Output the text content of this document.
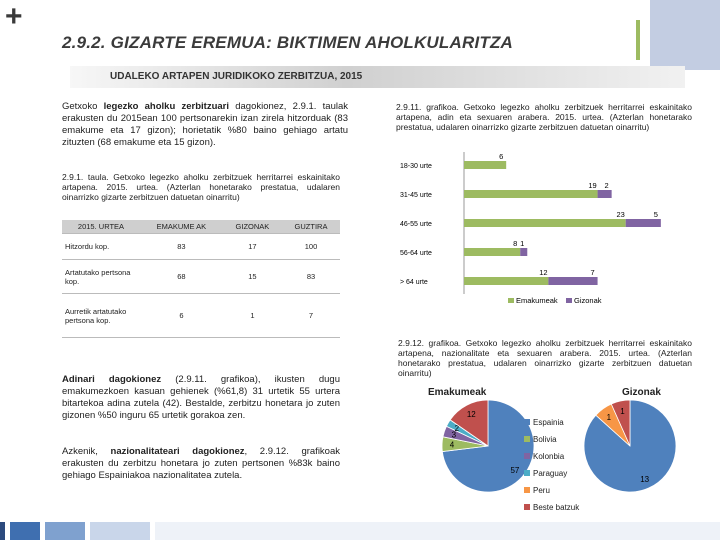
+
2.9.2. GIZARTE EREMUA: BIKTIMEN AHOLKULARITZA
UDALEKO ARTAPEN JURIDIKOKO ZERBITZUA, 2015
Getxoko legezko aholku zerbitzuari dagokionez, 2.9.1. taulak erakusten du 2015ean 100 pertsonarekin izan zirela hitzorduak (83 emakume eta 17 gizon); horietatik %80 baino gehiago artatu zituzten (68 emakume eta 15 gizon).
2.9.1. taula. Getxoko legezko aholku zerbitzuek herritarrei eskainitako artapena. 2015. urtea. (Azterlan honetarako prestatua, udalaren oinarrizko gizarte zerbitzuen datuetan oinarritu)
2015. URTEA	EMAKUME AK	GIZONAK	GUZTIRA
Hitzordu kop.	83	17	100
Artatutako pertsona kop.	68	15	83
Aurretik artatutako pertsona kop.	6	1	7
Adinari dagokionez (2.9.11. grafikoa), ikusten dugu emakumezkoen kasuan gehienek (%61,8) 31 urtetik 55 urtera bitartekoa adina zutela (42). Bestalde, zerbitzu honetara jo zuten gizonen %50 inguru 65 urtetik gorakoa zen.
Azkenik, nazionalitateari dagokionez, 2.9.12. grafikoak erakusten du zerbitzu honetara jo zuten pertsonen %83k baino gehiago Espainiakoa nazionalitatea zutela.
2.9.11. grafikoa. Getxoko legezko aholku zerbitzuek herritarrei eskainitako artapena, adin eta sexuaren arabera. 2015. urtea. (Azterlan honetarako prestatua, udalaren oinarrizko gizarte zerbitzuen datuetan oinarritu)
18-30 urte
6
31-45 urte
19 2
46-55 urte
23	5
56-64 urte
8 1
> 64 urte
12	7
Emakumeak Gizonak
2.9.12. grafikoa. Getxoko legezko aholku zerbitzuek herritarrei eskainitako artapena, nazionalitate eta sexuaren arabera. 2015. urtea. (Azterlan honetarako prestatua, udalaren oinarrizko gizarte zerbitzuen datuetan oinarritu)
Emakumeak	Gizonak
57
4
3
2
12
13
1
1
Espainia
Bolivia
Kolonbia
Paraguay
Peru
Beste batzuk
